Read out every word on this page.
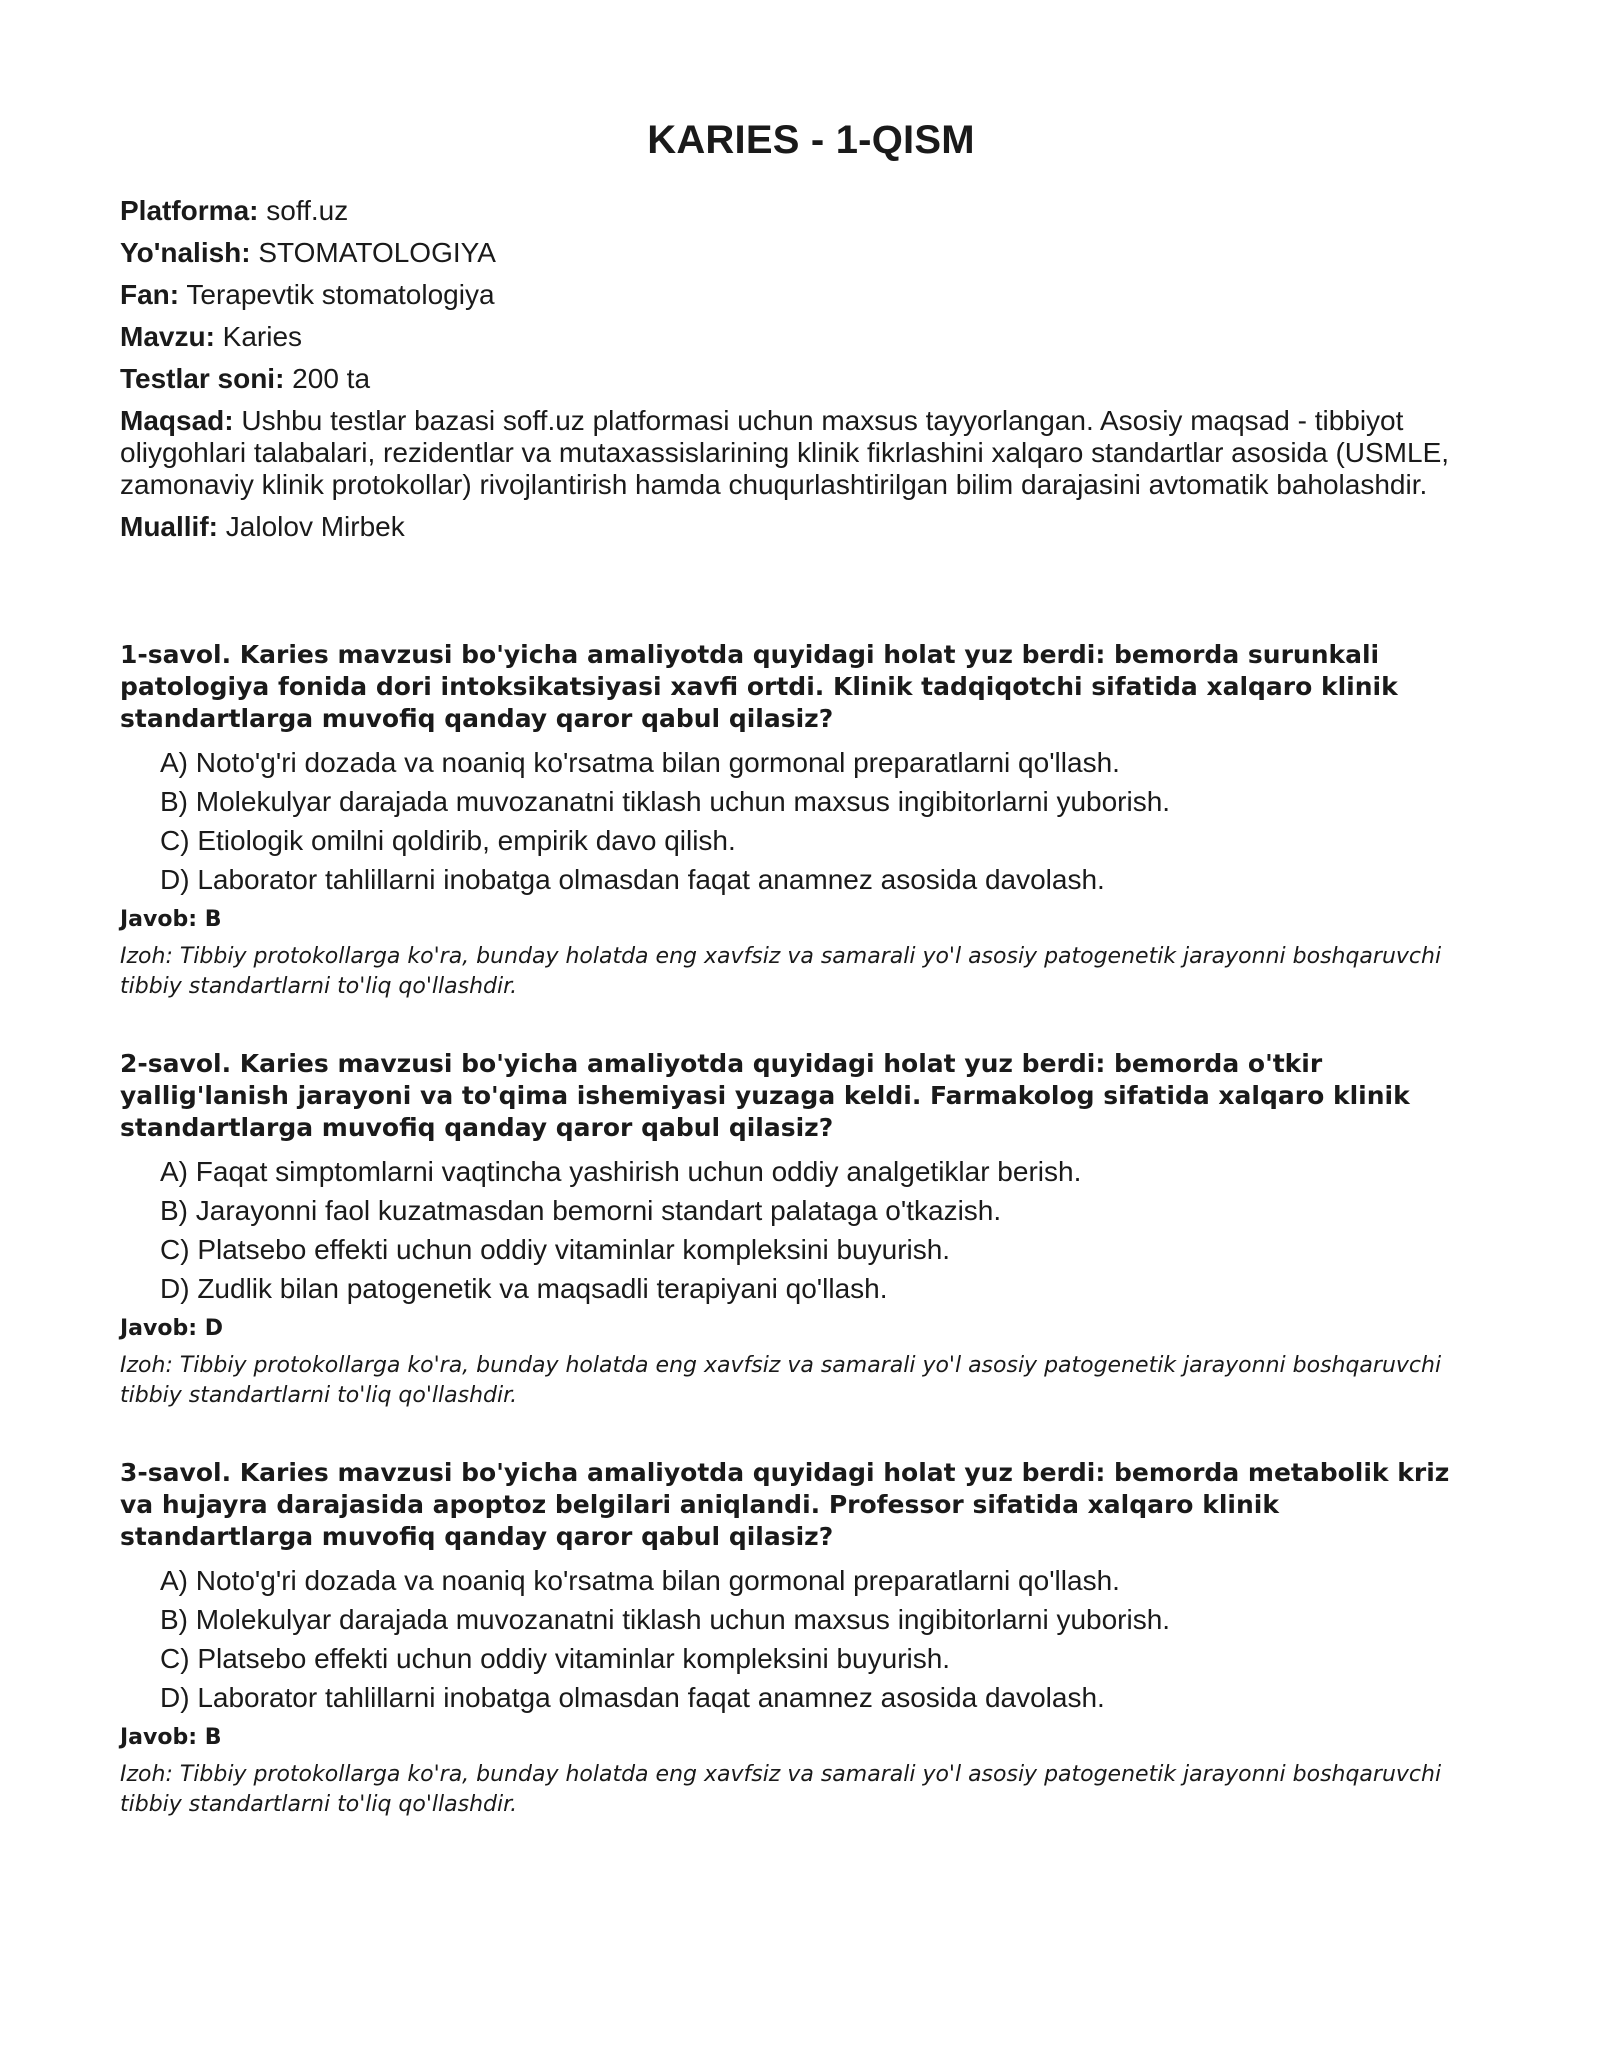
KARIES - 1-QISM

Platforma: soff.uz

Yo'nalish: STOMATOLOGIYA

Fan: Terapevtik stomatologiya

Mavzu: Karies

Testlar soni: 200 ta

Maqsad: Ushbu testlar bazasi soff.uz platformasi uchun maxsus tayyorlangan. Asosiy maqsad - tibbiyot oliygohlari talabalari, rezidentlar va mutaxassislarining klinik fikrlashini xalqaro standartlar asosida (USMLE, zamonaviy klinik protokollar) rivojlantirish hamda chuqurlashtirilgan bilim darajasini avtomatik baholashdir.

Muallif: Jalolov Mirbek

1-savol. Karies mavzusi bo'yicha amaliyotda quyidagi holat yuz berdi: bemorda surunkali patologiya fonida dori intoksikatsiyasi xavfi ortdi. Klinik tadqiqotchi sifatida xalqaro klinik standartlarga muvofiq qanday qaror qabul qilasiz?

A) Noto'g'ri dozada va noaniq ko'rsatma bilan gormonal preparatlarni qo'llash.
B) Molekulyar darajada muvozanatni tiklash uchun maxsus ingibitorlarni yuborish.
C) Etiologik omilni qoldirib, empirik davo qilish.
D) Laborator tahlillarni inobatga olmasdan faqat anamnez asosida davolash.

Javob: B

Izoh: Tibbiy protokollarga ko'ra, bunday holatda eng xavfsiz va samarali yo'l asosiy patogenetik jarayonni boshqaruvchi tibbiy standartlarni to'liq qo'llashdir.

2-savol. Karies mavzusi bo'yicha amaliyotda quyidagi holat yuz berdi: bemorda o'tkir yallig'lanish jarayoni va to'qima ishemiyasi yuzaga keldi. Farmakolog sifatida xalqaro klinik standartlarga muvofiq qanday qaror qabul qilasiz?

A) Faqat simptomlarni vaqtincha yashirish uchun oddiy analgetiklar berish.
B) Jarayonni faol kuzatmasdan bemorni standart palataga o'tkazish.
C) Platsebo effekti uchun oddiy vitaminlar kompleksini buyurish.
D) Zudlik bilan patogenetik va maqsadli terapiyani qo'llash.

Javob: D

Izoh: Tibbiy protokollarga ko'ra, bunday holatda eng xavfsiz va samarali yo'l asosiy patogenetik jarayonni boshqaruvchi tibbiy standartlarni to'liq qo'llashdir.

3-savol. Karies mavzusi bo'yicha amaliyotda quyidagi holat yuz berdi: bemorda metabolik kriz va hujayra darajasida apoptoz belgilari aniqlandi. Professor sifatida xalqaro klinik standartlarga muvofiq qanday qaror qabul qilasiz?

A) Noto'g'ri dozada va noaniq ko'rsatma bilan gormonal preparatlarni qo'llash.
B) Molekulyar darajada muvozanatni tiklash uchun maxsus ingibitorlarni yuborish.
C) Platsebo effekti uchun oddiy vitaminlar kompleksini buyurish.
D) Laborator tahlillarni inobatga olmasdan faqat anamnez asosida davolash.

Javob: B

Izoh: Tibbiy protokollarga ko'ra, bunday holatda eng xavfsiz va samarali yo'l asosiy patogenetik jarayonni boshqaruvchi tibbiy standartlarni to'liq qo'llashdir.
